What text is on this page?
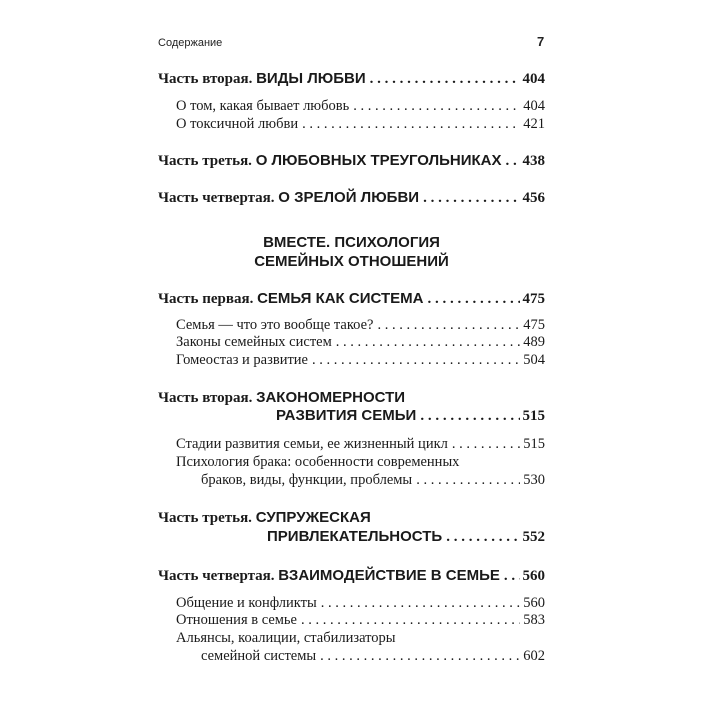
Содержание	7
Часть вторая. ВИДЫ ЛЮБВИ . . .	404
О том, какая бывает любовь . . .	404
О токсичной любви . . .	421
Часть третья. О ЛЮБОВНЫХ ТРЕУГОЛЬНИКАХ . . . 438
Часть четвертая. О ЗРЕЛОЙ ЛЮБВИ . . .	456
ВМЕСТЕ. ПСИХОЛОГИЯ
СЕМЕЙНЫХ ОТНОШЕНИЙ
Часть первая. СЕМЬЯ КАК СИСТЕМА . . .	475
Семья — что это вообще такое? . . .	475
Законы семейных систем . . .	489
Гомеостаз и развитие . . .	504
Часть вторая. ЗАКОНОМЕРНОСТИ
РАЗВИТИЯ СЕМЬИ . . .	515
Стадии развития семьи, ее жизненный цикл . . .	515
Психология брака: особенности современных
браков, виды, функции, проблемы . . .	530
Часть третья. СУПРУЖЕСКАЯ
ПРИВЛЕКАТЕЛЬНОСТЬ . . .	552
Часть четвертая. ВЗАИМОДЕЙСТВИЕ В СЕМЬЕ . . . 560
Общение и конфликты . . .	560
Отношения в семье . . .	583
Альянсы, коалиции, стабилизаторы
семейной системы . . .	602
